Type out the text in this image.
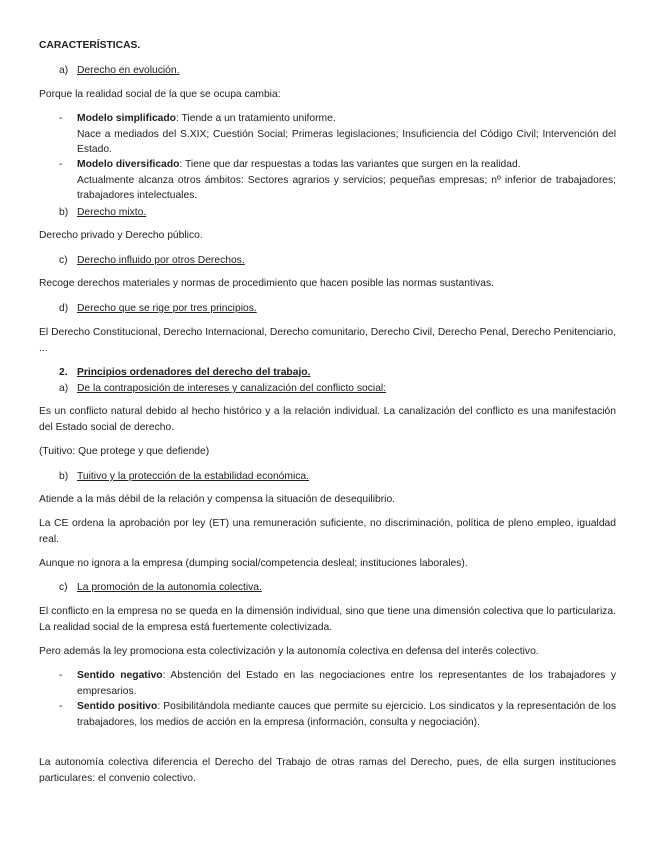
CARACTERÍSTICAS.
a) Derecho en evolución.

Porque la realidad social de la que se ocupa cambia:

- Modelo simplificado: Tiende a un tratamiento uniforme.
Nace a mediados del S.XIX; Cuestión Social; Primeras legislaciones; Insuficiencia del Código Civil; Intervención del Estado.
- Modelo diversificado: Tiene que dar respuestas a todas las variantes que surgen en la realidad.
Actualmente alcanza otros ámbitos: Sectores agrarios y servicios; pequeñas empresas; nº inferior de trabajadores; trabajadores intelectuales.
b) Derecho mixto.

Derecho privado y Derecho público.

c) Derecho influido por otros Derechos.

Recoge derechos materiales y normas de procedimiento que hacen posible las normas sustantivas.

d) Derecho que se rige por tres principios.

El Derecho Constitucional, Derecho Internacional, Derecho comunitario, Derecho Civil, Derecho Penal, Derecho Penitenciario, ...

2. Principios ordenadores del derecho del trabajo.
a) De la contraposición de intereses y canalización del conflicto social:

Es un conflicto natural debido al hecho histórico y a la relación individual. La canalización del conflicto es una manifestación del Estado social de derecho.

(Tuitivo: Que protege y que defiende)

b) Tuitivo y la protección de la estabilidad económica.

Atiende a la más débil de la relación y compensa la situación de desequilibrio.

La CE ordena la aprobación por ley (ET) una remuneración suficiente, no discriminación, política de pleno empleo, igualdad real.

Aunque no ignora a la empresa (dumping social/competencia desleal; instituciones laborales).

c) La promoción de la autonomía colectiva.

El conflicto en la empresa no se queda en la dimensión individual, sino que tiene una dimensión colectiva que lo particulariza. La realidad social de la empresa está fuertemente colectivizada.

Pero además la ley promociona esta colectivización y la autonomía colectiva en defensa del interés colectivo.

- Sentido negativo: Abstención del Estado en las negociaciones entre los representantes de los trabajadores y empresarios.
- Sentido positivo: Posibilitándola mediante cauces que permite su ejercicio. Los sindicatos y la representación de los trabajadores, los medios de acción en la empresa (información, consulta y negociación).

La autonomía colectiva diferencia el Derecho del Trabajo de otras ramas del Derecho, pues, de ella surgen instituciones particulares: el convenio colectivo.
